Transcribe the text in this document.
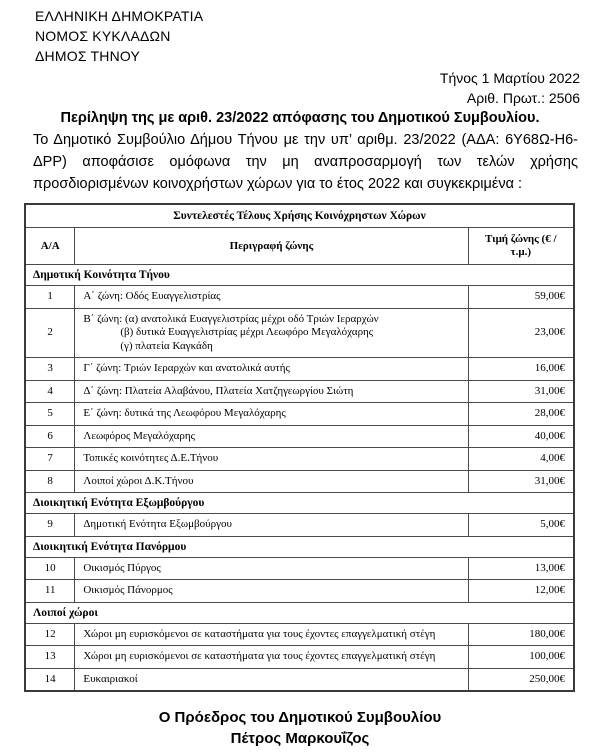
ΕΛΛΗΝΙΚΗ ΔΗΜΟΚΡΑΤΙΑ
ΝΟΜΟΣ ΚΥΚΛΑΔΩΝ
ΔΗΜΟΣ ΤΗΝΟΥ
Τήνος 1 Μαρτίου 2022
Αριθ. Πρωτ.: 2506
Περίληψη της με αριθ. 23/2022 απόφασης του Δημοτικού Συμβουλίου.
Το Δημοτικό Συμβούλιο Δήμου Τήνου με την υπ’ αριθμ. 23/2022 (ΑΔΑ: 6Υ68Ω-Η6-ΔΡΡ) αποφάσισε ομόφωνα την μη αναπροσαρμογή των τελών χρήσης προσδιορισμένων κοινοχρήστων χώρων για το έτος 2022 και συγκεκριμένα :
Συντελεστές Τέλους Χρήσης Κοινόχρηστων Χώρων		
Α/Α	Περιγραφή ζώνης	Τιμή ζώνης (€ / τ.μ.)
Δημοτική Κοινότητα Τήνου		
1	Α΄ ζώνη: Οδός Ευαγγελιστρίας	59,00€
2	Β΄ ζώνη: (α) ανατολικά Ευαγγελιστρίας μέχρι οδό Τριών Ιεραρχών
(β) δυτικά Ευαγγελιστρίας μέχρι Λεωφόρο Μεγαλόχαρης
(γ) πλατεία Καγκάδη	23,00€
3	Γ΄ ζώνη: Τριών Ιεραρχών και ανατολικά αυτής	16,00€
4	Δ΄ ζώνη: Πλατεία Αλαβάνου, Πλατεία Χατζηγεωργίου Σιώτη	31,00€
5	Ε΄ ζώνη: δυτικά της Λεωφόρου Μεγαλόχαρης	28,00€
6	Λεωφόρος Μεγαλόχαρης	40,00€
7	Τοπικές κοινότητες Δ.Ε.Τήνου	4,00€
8	Λοιποί χώροι Δ.Κ.Τήνου	31,00€
Διοικητική Ενότητα Εξωμβούργου		
9	Δημοτική Ενότητα Εξωμβούργου	5,00€
Διοικητική Ενότητα Πανόρμου		
10	Οικισμός Πύργος	13,00€
11	Οικισμός Πάνορμος	12,00€
Λοιποί χώροι		
12	Χώροι μη ευρισκόμενοι σε καταστήματα για τους έχοντες επαγγελματική στέγη	180,00€
13	Χώροι μη ευρισκόμενοι σε καταστήματα για τους έχοντες επαγγελματική στέγη	100,00€
14	Ευκαιριακοί	250,00€
Ο Πρόεδρος του Δημοτικού Συμβουλίου
Πέτρος Μαρκουΐζος
